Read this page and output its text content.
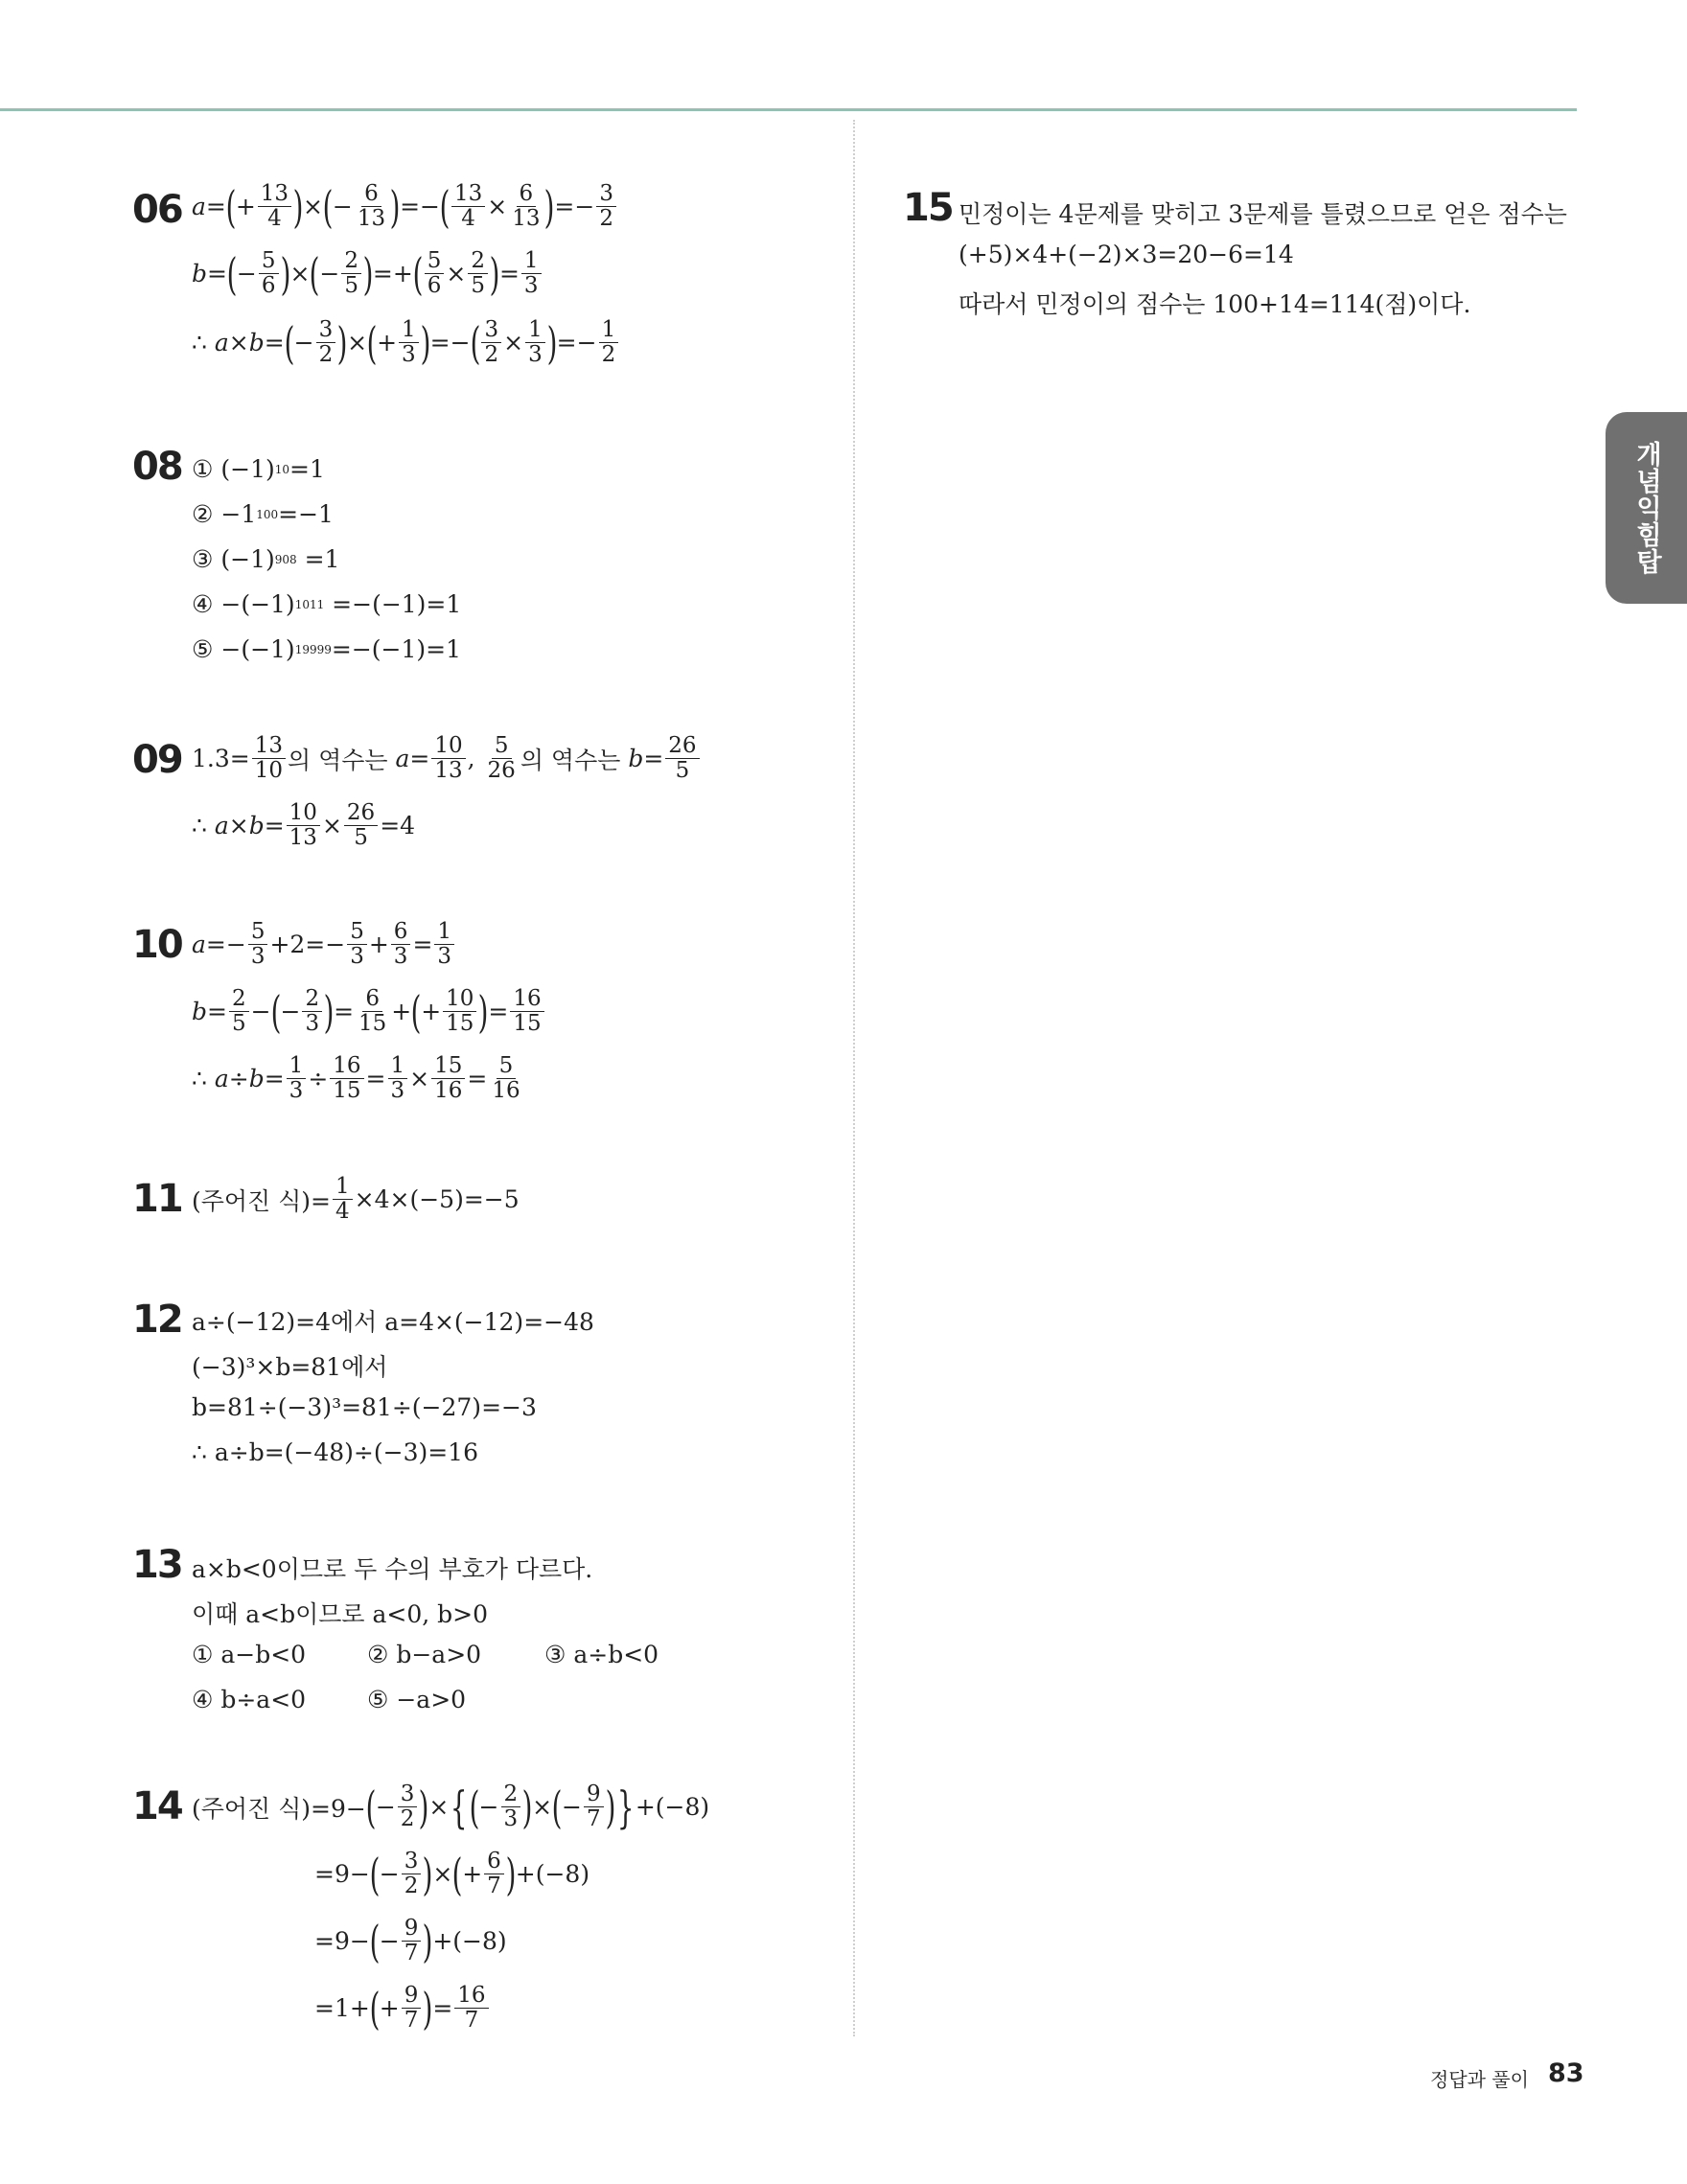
개념익힘탑
06 a = ( + $\frac{13}{4}$ ) × ( − $\frac{6}{13}$ ) =− ( $\frac{13}{4} \times \frac{6}{13}$ ) =− $\frac{3}{2}$
b = ( − $\frac{5}{6}$ ) × ( − $\frac{2}{5}$ ) =+ ( $\frac{5}{6} \times \frac{2}{5}$ ) = $\frac{1}{3}$
∴ a×b = ( − $\frac{3}{2}$ ) × ( + $\frac{1}{3}$ ) =− ( $\frac{3}{2} \times \frac{1}{3}$ ) =− $\frac{1}{2}$
08 ①
(−1) 10 =1
②
−1 100 =−1
③
(−1) 908 =1
④
−(−1) 1011 =−(−1)=1
⑤
−(−1) 19999 =−(−1)=1
09 $1.3= \frac{13}{10}$ 의 역수는 $a = \frac{10}{13}$ , $\frac{5}{26}$ 의 역수는 $b = \frac{26}{5}$
∴ $a\times b = \frac{10}{13} \times \frac{26}{5} =4$
10 $a =- \frac{5}{3} +2=- \frac{5}{3} + \frac{6}{3} = \frac{1}{3}$
$b = \frac{2}{5}$ − ( − $\frac{2}{3}$ ) = $\frac{6}{15}$ + ( + $\frac{10}{15}$ ) = $\frac{16}{15}$
∴ $a\div b = \frac{1}{3} \div \frac{16}{15} = \frac{1}{3} \times \frac{15}{16} = \frac{5}{16}$
11 (주어진 식)= $\frac{1}{4} \times 4\times(-5)=-5$
12 a÷(−12)=4에서 a=4×(−12)=−48
(−3)³×b=81에서
b=81÷(−3)³=81÷(−27)=−3
∴ a÷b=(−48)÷(−3)=16
13 a×b<0이므로 두 수의 부호가 다르다.
이때 a<b이므로 a<0, b>0
① a−b<0	② b−a>0	③ a÷b<0
④ b÷a<0	⑤ −a>0
14 (주어진 식)=9− ( − $\frac{3}{2}$ ) × { ( − $\frac{2}{3}$ ) × ( − $\frac{9}{7}$ ) } +(−8)
=9− ( − $\frac{3}{2}$ ) × ( + $\frac{6}{7}$ ) +(−8)
=9− ( − $\frac{9}{7}$ ) +(−8)
=1+ ( + $\frac{9}{7}$ ) = $\frac{16}{7}$
15 민정이는 4문제를 맞히고 3문제를 틀렸으므로 얻은 점수는
(+5)×4+(−2)×3=20−6=14
따라서 민정이의 점수는 100+14=114(점)이다.
정답과 풀이 83
